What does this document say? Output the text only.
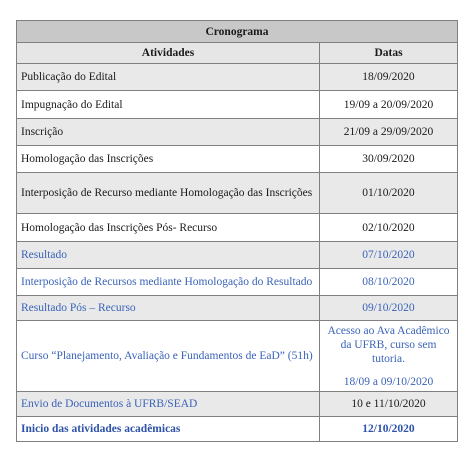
Cronograma	
Atividades	Datas
Publicação do Edital	18/09/2020
Impugnação do Edital	19/09 a 20/09/2020
Inscrição	21/09 a 29/09/2020
Homologação das Inscrições	30/09/2020
Interposição de Recurso mediante Homologação das Inscrições	01/10/2020
Homologação das Inscrições Pós- Recurso	02/10/2020
Resultado	07/10/2020
Interposição de Recursos mediante Homologação do Resultado	08/10/2020
Resultado Pós – Recurso	09/10/2020
Curso “Planejamento, Avaliação e Fundamentos de EaD” (51h)	Acesso ao Ava Acadêmico da UFRB, curso sem tutoria.
18/09 a 09/10/2020
Envio de Documentos à UFRB/SEAD	10 e 11/10/2020
Inicio das atividades acadêmicas	12/10/2020
